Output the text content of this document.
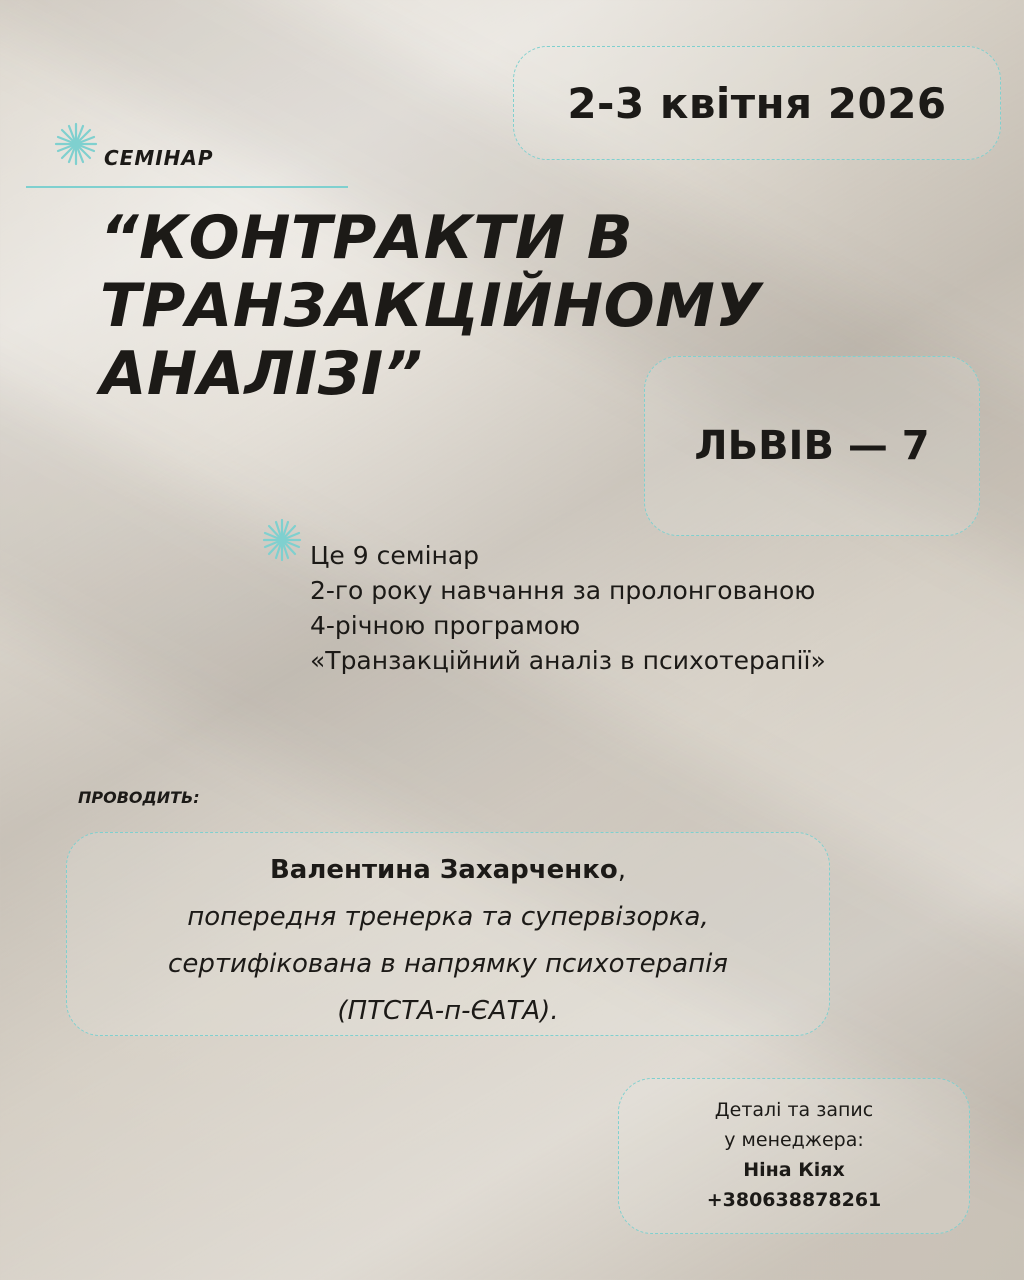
2-3 квітня 2026
СЕМІНАР
“КОНТРАКТИ В
ТРАНЗАКЦІЙНОМУ
АНАЛІЗІ”
ЛЬВІВ — 7
Це 9 семінар
2-го року навчання за пролонгованою
4-річною програмою
«Транзакційний аналіз в психотерапії»
ПРОВОДИТЬ:
Валентина Захарченко,
попередня тренерка та супервізорка,
сертифікована в напрямку психотерапія
(ПТСТА-п-ЄАТА).
Деталі та запис
у менеджера:
Ніна Кіях
+380638878261
